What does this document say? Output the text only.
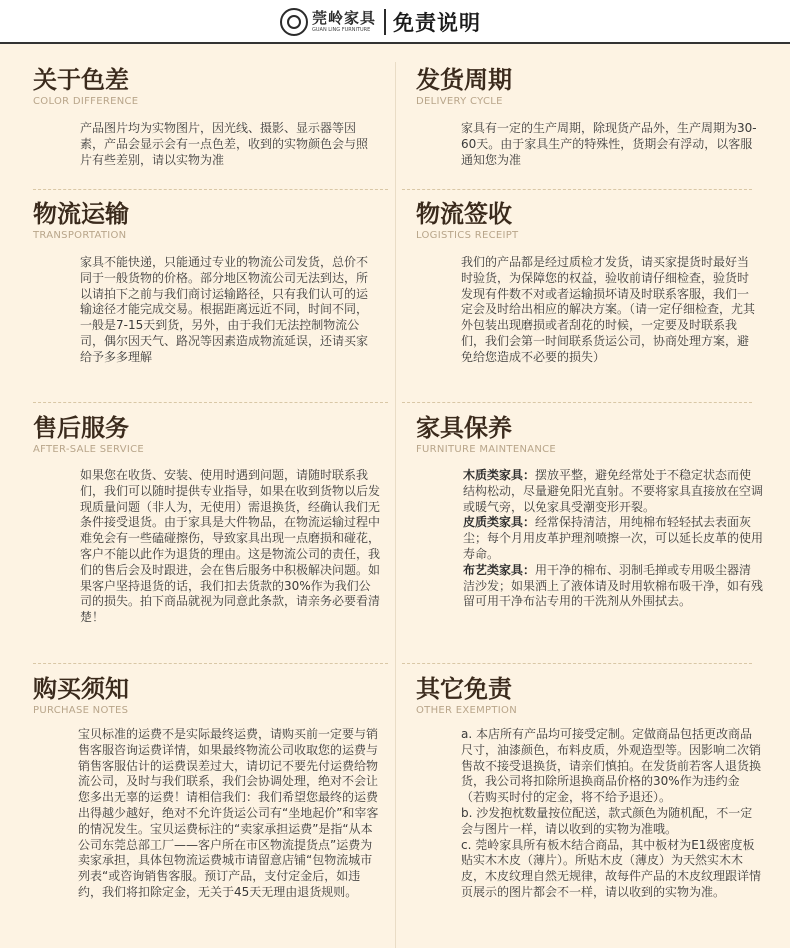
莞岭家具
GUAN LING FURNITURE 免责说明
关于色差
COLOR DIFFERENCE
产品图片均为实物图片，因光线、摄影、显示器等因素，产品会显示会有一点色差，收到的实物颜色会与照片有些差别，请以实物为准
发货周期
DELIVERY CYCLE
家具有一定的生产周期，除现货产品外，生产周期为30-60天。由于家具生产的特殊性，货期会有浮动，以客服通知您为准
物流运输
TRANSPORTATION
家具不能快递，只能通过专业的物流公司发货，总价不同于一般货物的价格。部分地区物流公司无法到达，所以请拍下之前与我们商讨运输路径，只有我们认可的运输途径才能完成交易。根据距离远近不同，时间不同，一般是7-15天到货，另外，由于我们无法控制物流公司，偶尔因天气、路况等因素造成物流延误，还请买家给予多多理解
物流签收
LOGISTICS RECEIPT
我们的产品都是经过质检才发货，请买家提货时最好当时验货，为保障您的权益，验收前请仔细检查，验货时发现有件数不对或者运输损坏请及时联系客服，我们一定会及时给出相应的解决方案。（请一定仔细检查，尤其外包装出现磨损或者刮花的时候，一定要及时联系我们，我们会第一时间联系货运公司，协商处理方案，避免给您造成不必要的损失）
售后服务
AFTER-SALE SERVICE
如果您在收货、安装、使用时遇到问题，请随时联系我们，我们可以随时提供专业指导，如果在收到货物以后发现质量问题（非人为，无使用）需退换货，经确认我们无条件接受退货。由于家具是大件物品，在物流运输过程中难免会有一些磕碰擦伤，导致家具出现一点磨损和碰花，客户不能以此作为退货的理由。这是物流公司的责任，我们的售后会及时跟进，会在售后服务中积极解决问题。如果客户坚持退货的话，我们扣去货款的30%作为我们公司的损失。拍下商品就视为同意此条款，请亲务必要看清楚！
家具保养
FURNITURE MAINTENANCE

木质类家具：摆放平整，避免经常处于不稳定状态而使结构松动，尽量避免阳光直射。不要将家具直接放在空调或暖气旁，以免家具受潮变形开裂。

皮质类家具：经常保持清洁，用纯棉布轻轻拭去表面灰尘；每个月用皮革护理剂喷擦一次，可以延长皮革的使用寿命。

布艺类家具：用干净的棉布、羽制毛掸或专用吸尘器清洁沙发；如果洒上了液体请及时用软棉布吸干净，如有残留可用干净布沾专用的干洗剂从外围拭去。

购买须知
PURCHASE NOTES
宝贝标准的运费不是实际最终运费，请购买前一定要与销售客服咨询运费详情，如果最终物流公司收取您的运费与销售客服估计的运费误差过大，请切记不要先付运费给物流公司，及时与我们联系，我们会协调处理，绝对不会让您多出无辜的运费！请相信我们：我们希望您最终的运费出得越少越好，绝对不允许货运公司有“坐地起价”和宰客的情况发生。宝贝运费标注的“卖家承担运费”是指“从本公司东莞总部工厂——客户所在市区物流提货点”运费为卖家承担，具体包物流运费城市请留意店铺“包物流城市列表“或咨询销售客服。预订产品，支付定金后，如违约，我们将扣除定金，无关于45天无理由退货规则。
其它免责
OTHER EXEMPTION

a. 本店所有产品均可接受定制。定做商品包括更改商品尺寸，油漆颜色，布料皮质，外观造型等。因影响二次销售故不接受退换货，请亲们慎拍。在发货前若客人退货换货，我公司将扣除所退换商品价格的30%作为违约金（若购买时付的定金，将不给予退还）。

b. 沙发抱枕数量按位配送，款式颜色为随机配，不一定会与图片一样，请以收到的实物为准哦。

c. 莞岭家具所有板木结合商品，其中板材为E1级密度板贴实木木皮（薄片）。所贴木皮（薄皮）为天然实木木皮，木皮纹理自然无规律，故每件产品的木皮纹理跟详情页展示的图片都会不一样，请以收到的实物为准。
